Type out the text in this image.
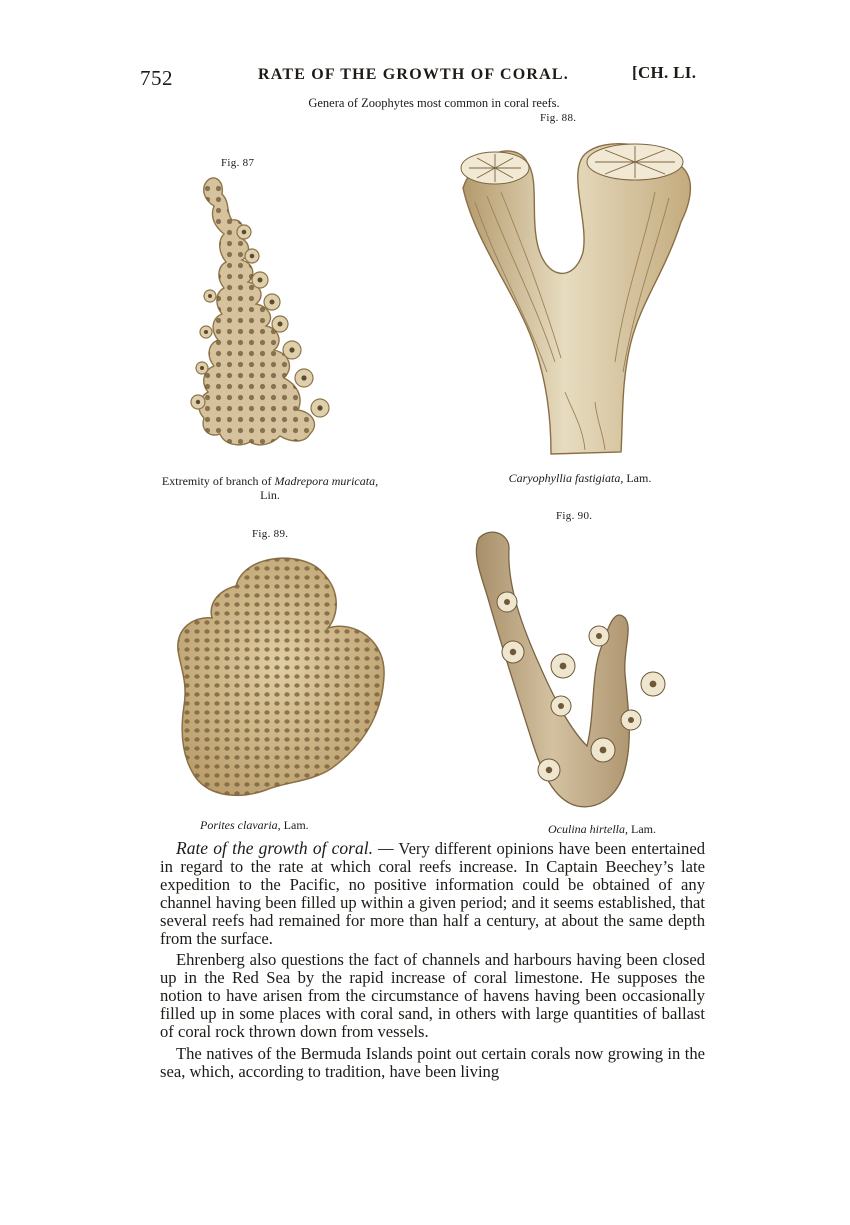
752	RATE OF THE GROWTH OF CORAL.	[CH. LI.
Genera of Zoophytes most common in coral reefs.
Fig. 87
Extremity of branch of Madrepora muricata, Lin.
Fig. 88.
Caryophyllia fastigiata, Lam.
Fig. 89.
Porites clavaria, Lam.
Fig. 90.
Oculina hirtella, Lam.

Rate of the growth of coral. — Very different opinions have been entertained in regard to the rate at which coral reefs increase. In Captain Beechey’s late expedition to the Pacific, no positive information could be obtained of any channel having been filled up within a given period; and it seems established, that several reefs had remained for more than half a century, at about the same depth from the surface.

Ehrenberg also questions the fact of channels and harbours having been closed up in the Red Sea by the rapid increase of coral limestone. He supposes the notion to have arisen from the circumstance of havens having been occasionally filled up in some places with coral sand, in others with large quantities of ballast of coral rock thrown down from vessels.

The natives of the Bermuda Islands point out certain corals now growing in the sea, which, according to tradition, have been living
